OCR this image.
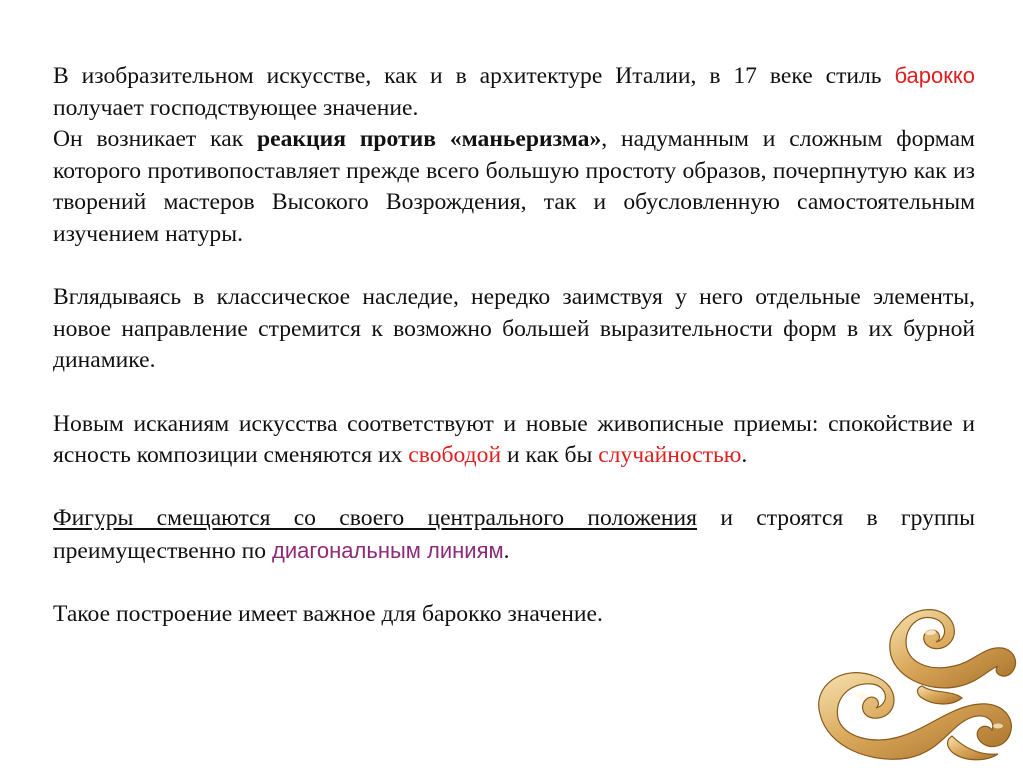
В изобразительном искусстве, как и в архитектуре Италии, в 17 веке стиль барокко получает господствующее значение.

Он возникает как реакция против «маньеризма», надуманным и сложным формам которого противопоставляет прежде всего большую простоту образов, почерпнутую как из творений мастеров Высокого Возрождения, так и обусловленную самостоятельным изучением натуры.

Вглядываясь в классическое наследие, нередко заимствуя у него отдельные элементы, новое направление стремится к возможно большей выразительности форм в их бурной динамике.

Новым исканиям искусства соответствуют и новые живописные приемы: спокойствие и ясность композиции сменяются их свободой и как бы случайностью.

Фигуры смещаются со своего центрального положения и строятся в группы преимущественно по диагональным линиям.

Такое построение имеет важное для барокко значение.
